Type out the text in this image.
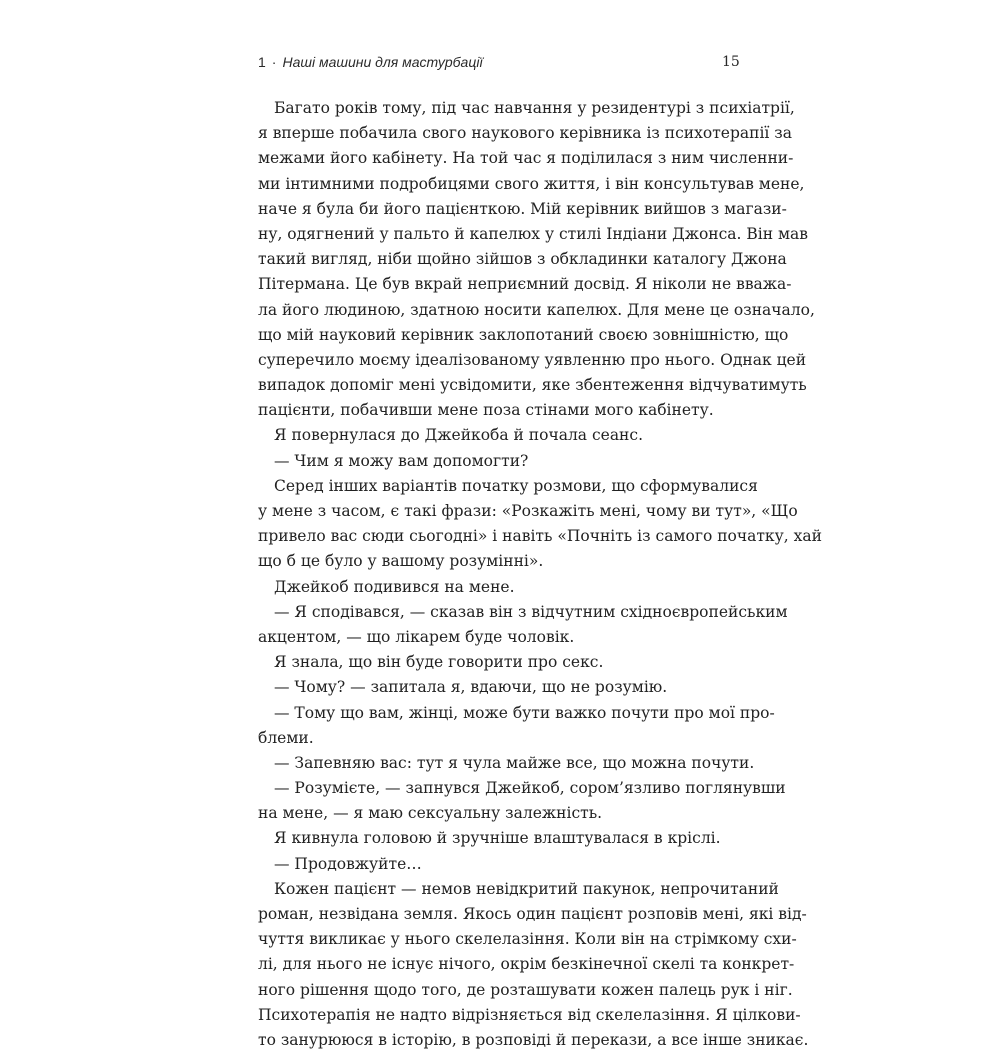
1 · Наші машини для мастурбації	15
Багато років тому, під час навчання у резидентурі з психіатрії,
я вперше побачила свого наукового керівника із психотерапії за
межами його кабінету. На той час я поділилася з ним численни-
ми інтимними подробицями свого життя, і він консультував мене,
наче я була би його пацієнткою. Мій керівник вийшов з магази-
ну, одягнений у пальто й капелюх у стилі Індіани Джонса. Він мав
такий вигляд, ніби щойно зійшов з обкладинки каталогу Джона
Пітермана. Це був вкрай неприємний досвід. Я ніколи не вважа-
ла його людиною, здатною носити капелюх. Для мене це означало,
що мій науковий керівник заклопотаний своєю зовнішністю, що
суперечило моєму ідеалізованому уявленню про нього. Однак цей
випадок допоміг мені усвідомити, яке збентеження відчуватимуть
пацієнти, побачивши мене поза стінами мого кабінету.
Я повернулася до Джейкоба й почала сеанс.
— Чим я можу вам допомогти?
Серед інших варіантів початку розмови, що сформувалися
у мене з часом, є такі фрази: «Розкажіть мені, чому ви тут», «Що
привело вас сюди сьогодні» і навіть «Почніть із самого початку, хай
що б це було у вашому розумінні».
Джейкоб подивився на мене.
— Я сподівався, — сказав він з відчутним східноєвропейським
акцентом, — що лікарем буде чоловік.
Я знала, що він буде говорити про секс.
— Чому? — запитала я, вдаючи, що не розумію.
— Тому що вам, жінці, може бути важко почути про мої про-
блеми.
— Запевняю вас: тут я чула майже все, що можна почути.
— Розумієте, — запнувся Джейкоб, сором’язливо поглянувши
на мене, — я маю сексуальну залежність.
Я кивнула головою й зручніше влаштувалася в кріслі.
— Продовжуйте…
Кожен пацієнт — немов невідкритий пакунок, непрочитаний
роман, незвідана земля. Якось один пацієнт розповів мені, які від-
чуття викликає у нього скелелазіння. Коли він на стрімкому схи-
лі, для нього не існує нічого, окрім безкінечної скелі та конкрет-
ного рішення щодо того, де розташувати кожен палець рук і ніг.
Психотерапія не надто відрізняється від скелелазіння. Я цілкови-
то занурююся в історію, в розповіді й перекази, а все інше зникає.
